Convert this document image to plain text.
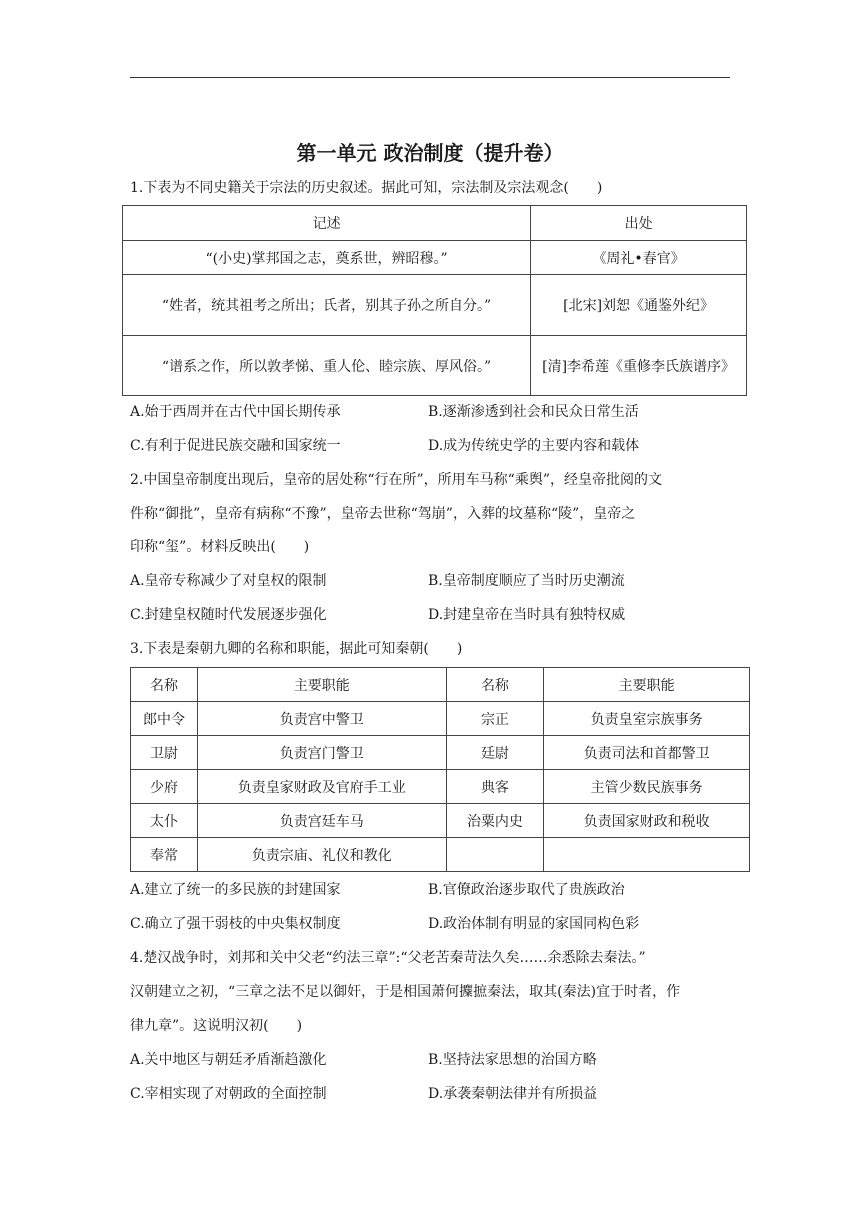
第一单元 政治制度（提升卷）
1.下表为不同史籍关于宗法的历史叙述。据此可知，宗法制及宗法观念(　　)
记述	出处
“(小史)掌邦国之志，奠系世，辨昭穆。”	《周礼•春官》
“姓者，统其祖考之所出；氏者，别其子孙之所自分。”	[北宋]刘恕《通鉴外纪》
“谱系之作，所以敦孝悌、重人伦、睦宗族、厚风俗。”	[清]李希莲《重修李氏族谱序》
A.始于西周并在古代中国长期传承	B.逐渐渗透到社会和民众日常生活
C.有利于促进民族交融和国家统一	D.成为传统史学的主要内容和载体
2.中国皇帝制度出现后，皇帝的居处称“行在所”，所用车马称“乘舆”，经皇帝批阅的文
件称“御批”，皇帝有病称“不豫”，皇帝去世称“驾崩”，入葬的坟墓称“陵”，皇帝之
印称“玺”。材料反映出(　　)
A.皇帝专称减少了对皇权的限制	B.皇帝制度顺应了当时历史潮流
C.封建皇权随时代发展逐步强化	D.封建皇帝在当时具有独特权威
3.下表是秦朝九卿的名称和职能，据此可知秦朝(　　)
名称	主要职能	名称	主要职能
郎中令	负责宫中警卫	宗正	负责皇室宗族事务
卫尉	负责宫门警卫	廷尉	负责司法和首都警卫
少府	负责皇家财政及官府手工业	典客	主管少数民族事务
太仆	负责宫廷车马	治粟内史	负责国家财政和税收
奉常	负责宗庙、礼仪和教化		
A.建立了统一的多民族的封建国家	B.官僚政治逐步取代了贵族政治
C.确立了强干弱枝的中央集权制度	D.政治体制有明显的家国同构色彩
4.楚汉战争时，刘邦和关中父老“约法三章”:“父老苦秦苛法久矣……余悉除去秦法。”
汉朝建立之初，“三章之法不足以御奸，于是相国萧何攈摭秦法，取其(秦法)宜于时者，作
律九章”。这说明汉初(　　)
A.关中地区与朝廷矛盾渐趋激化	B.坚持法家思想的治国方略
C.宰相实现了对朝政的全面控制	D.承袭秦朝法律并有所损益
